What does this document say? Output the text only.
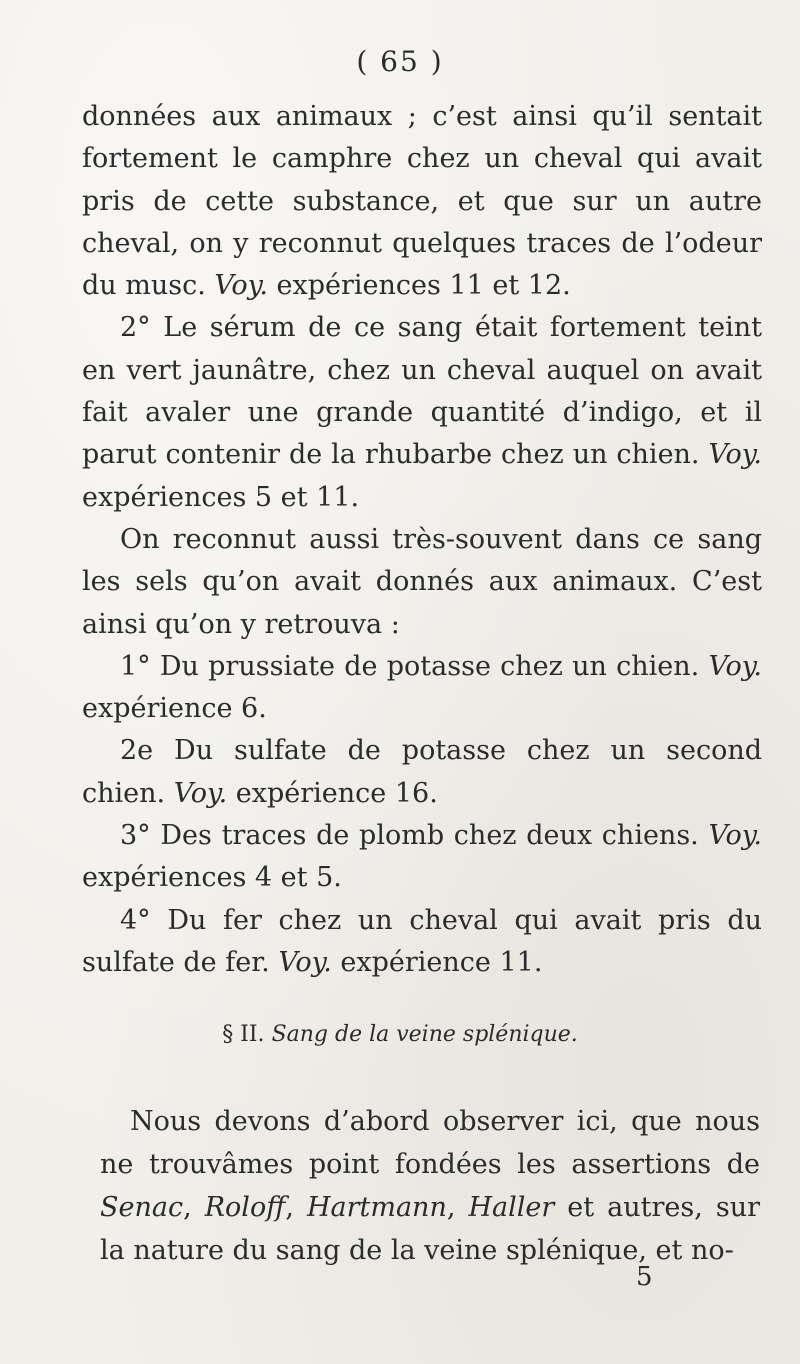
( 65 )

données aux animaux ; c’est ainsi qu’il sentait fortement le camphre chez un cheval qui avait pris de cette substance, et que sur un autre cheval, on y reconnut quelques traces de l’odeur du musc. Voy. expériences 11 et 12.

2° Le sérum de ce sang était fortement teint en vert jaunâtre, chez un cheval auquel on avait fait avaler une grande quantité d’indigo, et il parut contenir de la rhubarbe chez un chien. Voy. expériences 5 et 11.

On reconnut aussi très-souvent dans ce sang les sels qu’on avait donnés aux animaux. C’est ainsi qu’on y retrouva :

1° Du prussiate de potasse chez un chien. Voy. expérience 6.

2e Du sulfate de potasse chez un second chien. Voy. expérience 16.

3° Des traces de plomb chez deux chiens. Voy. expériences 4 et 5.

4° Du fer chez un cheval qui avait pris du sulfate de fer. Voy. expérience 11.

§ II. Sang de la veine splénique.

Nous devons d’abord observer ici, que nous ne trouvâmes point fondées les assertions de Senac, Roloff, Hartmann, Haller et autres, sur la nature du sang de la veine splénique, et no-

5
